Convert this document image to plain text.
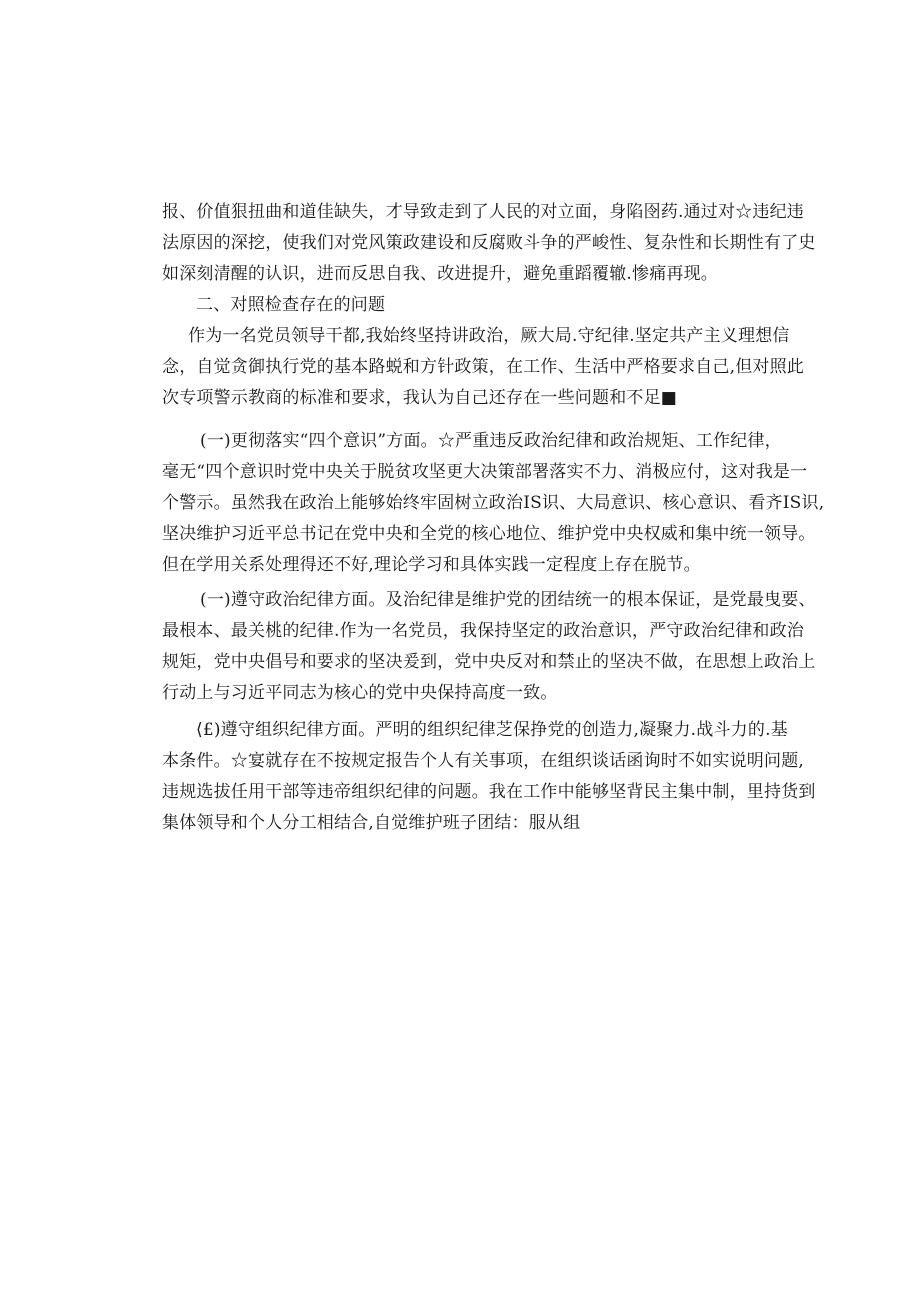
报、价值狠扭曲和道佳缺失，才导致走到了人民的对立面，身陷囹药.通过对☆违纪违
法原因的深挖，使我们对党风策政建设和反腐败斗争的严峻性、复杂性和长期性有了史
如深刻清醒的认识，进而反思自我、改进提升，避免重蹈覆辙.惨痛再现。
二、对照检查存在的问题
作为一名党员领导干都,我始终坚持讲政治，厥大局.守纪律.坚定共产主义理想信
念，自觉贪御执行党的基本路蜕和方针政策，在工作、生活中严格要求自己,但对照此
次专项警示教商的标准和要求，我认为自己还存在一些问题和不足■
(一)更彻落实“四个意识”方面。☆严重违反政治纪律和政治规矩、工作纪律，
毫无“四个意识时党中央关于脱贫攻坚更大决策部署落实不力、消极应付，这对我是一
个警示。虽然我在政治上能够始终牢固树立政治IS识、大局意识、核心意识、看齐IS识,
坚决维护习近平总书记在党中央和全党的核心地位、维护党中央权威和集中统一领导。
但在学用关系处理得还不好,理论学习和具体实践一定程度上存在脱节。
(一)遵守政治纪律方面。及治纪律是维护党的团结统一的根本保证，是党最曳要、
最根本、最关桃的纪律.作为一名党员，我保持坚定的政治意识，严守政治纪律和政治
规矩，党中央倡号和要求的坚决爰到，党中央反对和禁止的坚决不做，在思想上政治上
行动上与习近平同志为核心的党中央保持高度一致。
⟨£)遵守组织纪律方面。严明的组织纪律芝保挣党的创造力,凝聚力.战斗力的.基
本条件。☆宴就存在不按规定报告个人有关事项，在组织谈话函询时不如实说明问题,
违规选拔任用干部等违帝组织纪律的问题。我在工作中能够坚背民主集中制，里持货到
集体领导和个人分工相结合,自觉维护班子团结：服从组
